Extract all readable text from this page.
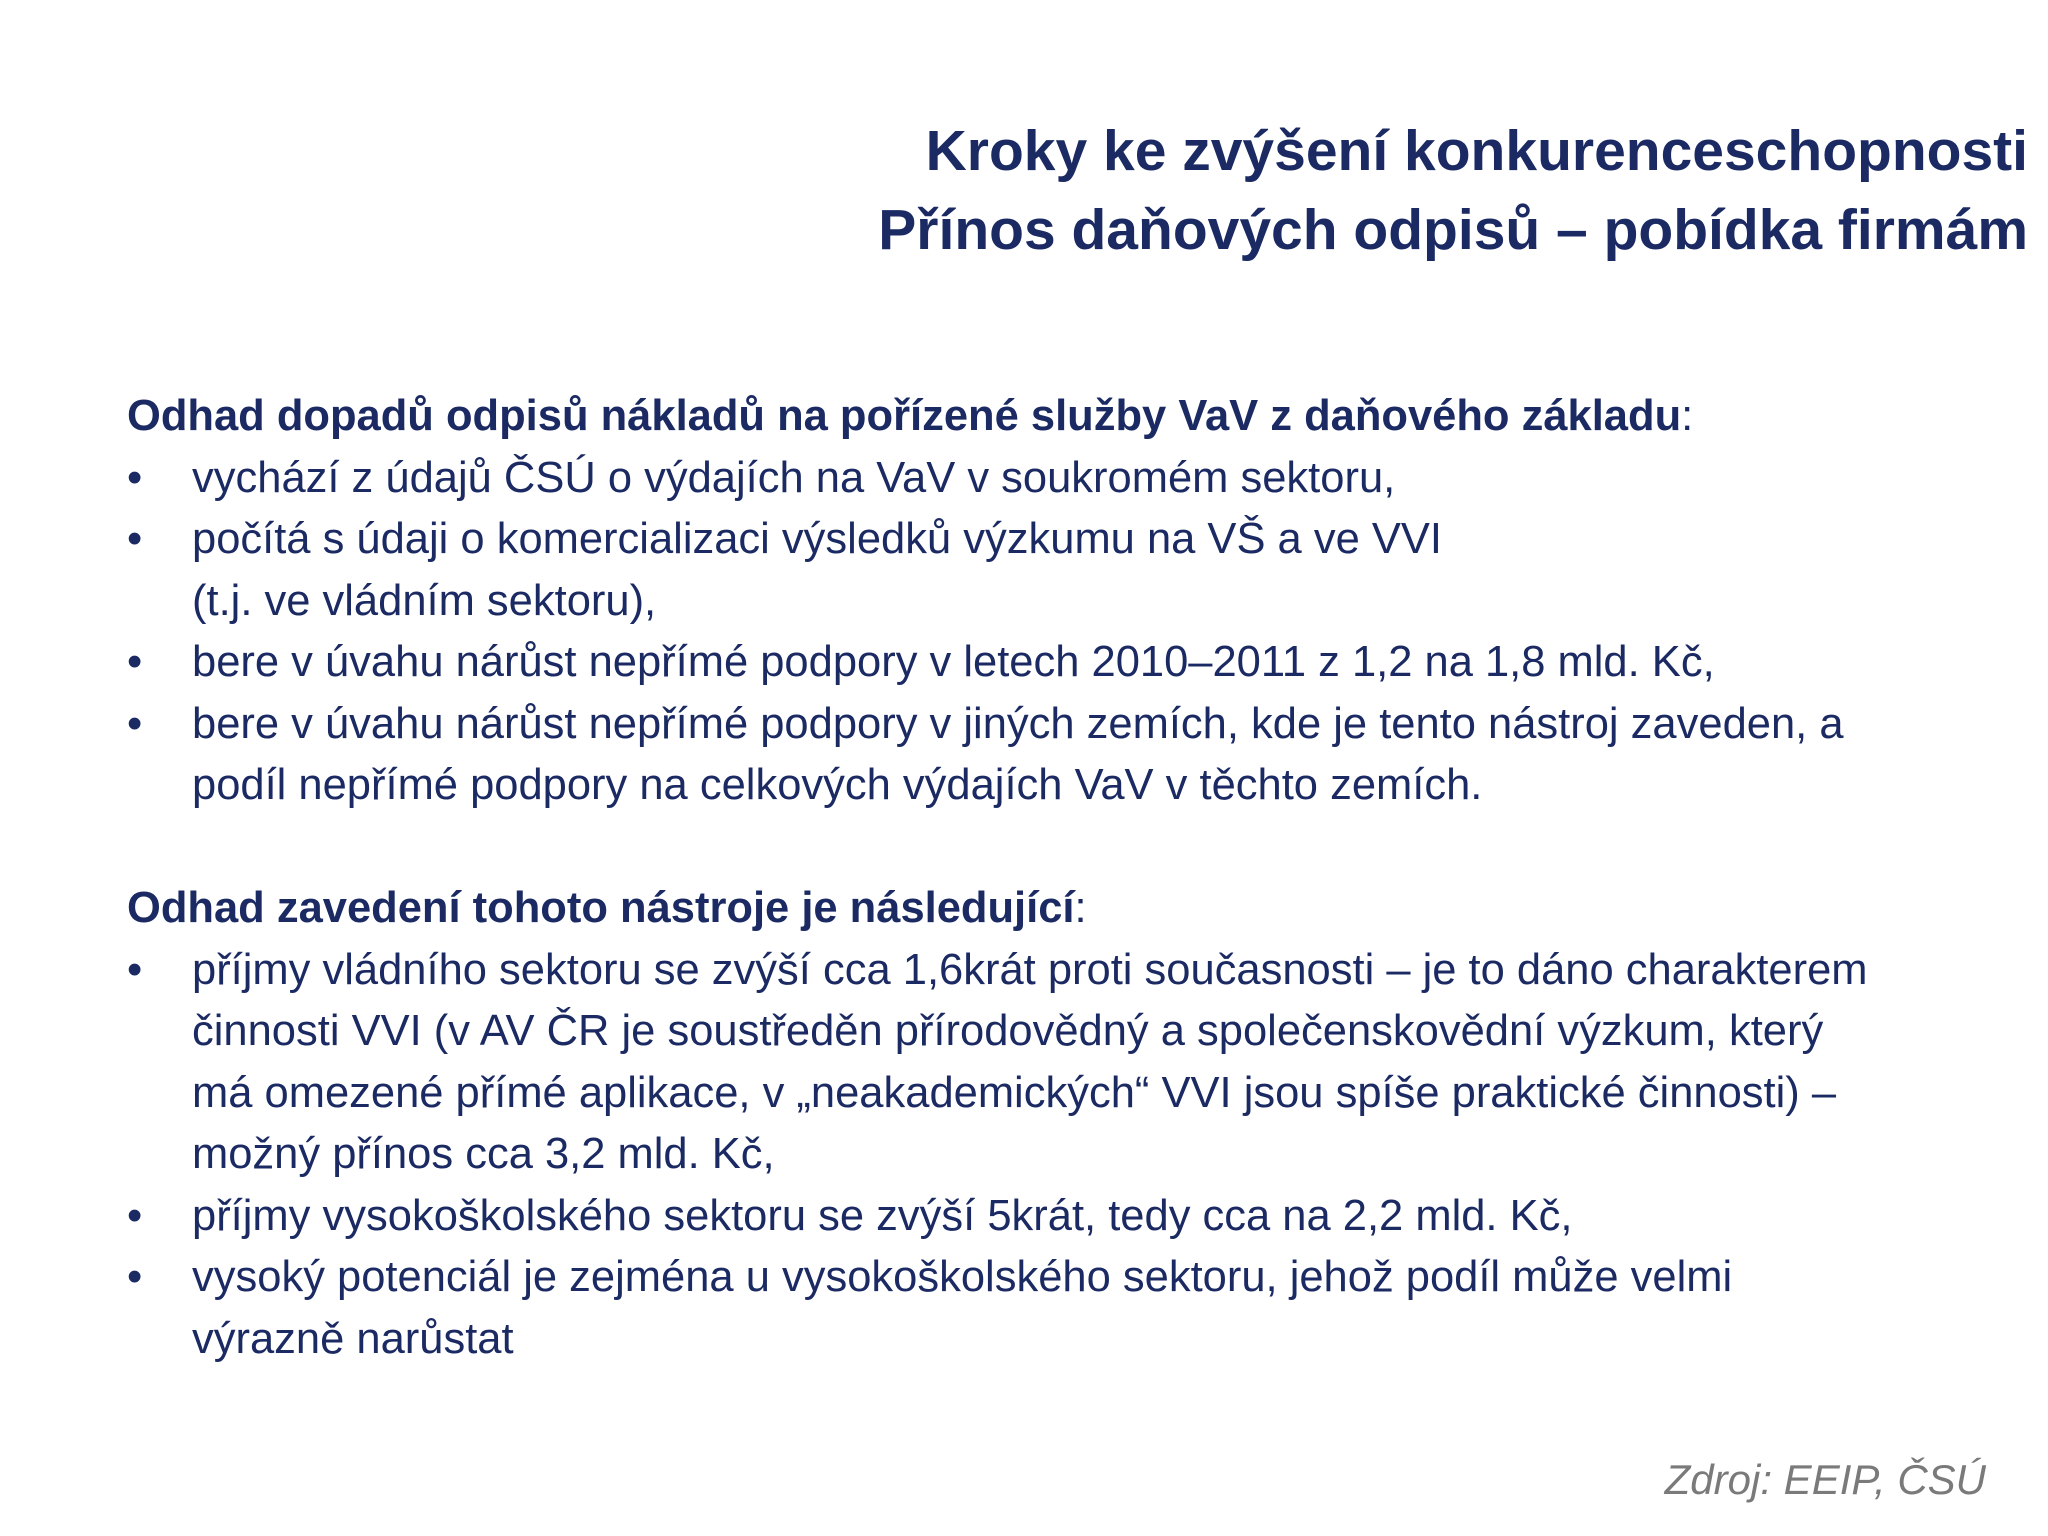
Kroky ke zvýšení konkurenceschopnosti
Přínos daňových odpisů – pobídka firmám
Odhad dopadů odpisů nákladů na pořízené služby VaV z daňového základu:
•	vychází z údajů ČSÚ o výdajích na VaV v soukromém sektoru,
•	počítá s údaji o komercializaci výsledků výzkumu na VŠ a ve VVI
(t.j. ve vládním sektoru),
•	bere v úvahu nárůst nepřímé podpory v letech 2010–2011 z 1,2 na 1,8 mld. Kč,
•	bere v úvahu nárůst nepřímé podpory v jiných zemích, kde je tento nástroj zaveden, a
podíl nepřímé podpory na celkových výdajích VaV v těchto zemích.
Odhad zavedení tohoto nástroje je následující:
•	příjmy vládního sektoru se zvýší cca 1,6krát proti současnosti – je to dáno charakterem
činnosti VVI (v AV ČR je soustředěn přírodovědný a společenskovědní výzkum, který
má omezené přímé aplikace, v „neakademických“ VVI jsou spíše praktické činnosti) –
možný přínos cca 3,2 mld. Kč,
•	příjmy vysokoškolského sektoru se zvýší 5krát, tedy cca na 2,2 mld. Kč,
•	vysoký potenciál je zejména u vysokoškolského sektoru, jehož podíl může velmi
výrazně narůstat
Zdroj: EEIP, ČSÚ
